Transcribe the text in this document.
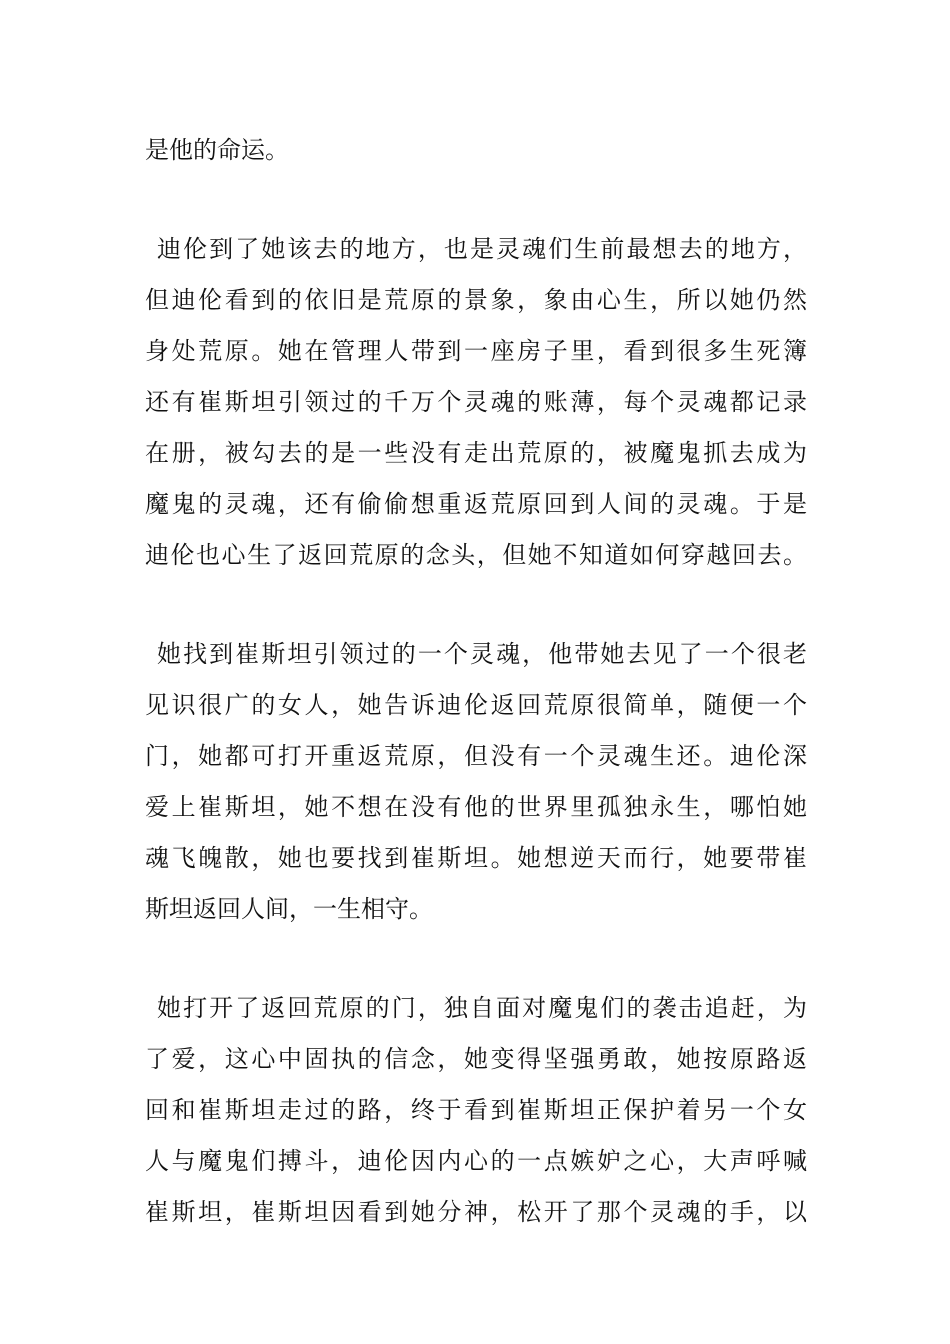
是他的命运。
迪伦到了她该去的地方，也是灵魂们生前最想去的地方，
但迪伦看到的依旧是荒原的景象，象由心生，所以她仍然
身处荒原。她在管理人带到一座房子里，看到很多生死簿
还有崔斯坦引领过的千万个灵魂的账薄，每个灵魂都记录
在册，被勾去的是一些没有走出荒原的，被魔鬼抓去成为
魔鬼的灵魂，还有偷偷想重返荒原回到人间的灵魂。于是
迪伦也心生了返回荒原的念头，但她不知道如何穿越回去。
她找到崔斯坦引领过的一个灵魂，他带她去见了一个很老
见识很广的女人，她告诉迪伦返回荒原很简单，随便一个
门，她都可打开重返荒原，但没有一个灵魂生还。迪伦深
爱上崔斯坦，她不想在没有他的世界里孤独永生，哪怕她
魂飞魄散，她也要找到崔斯坦。她想逆天而行，她要带崔
斯坦返回人间，一生相守。
她打开了返回荒原的门，独自面对魔鬼们的袭击追赶，为
了爱，这心中固执的信念，她变得坚强勇敢，她按原路返
回和崔斯坦走过的路，终于看到崔斯坦正保护着另一个女
人与魔鬼们搏斗，迪伦因内心的一点嫉妒之心，大声呼喊
崔斯坦，崔斯坦因看到她分神，松开了那个灵魂的手，以
